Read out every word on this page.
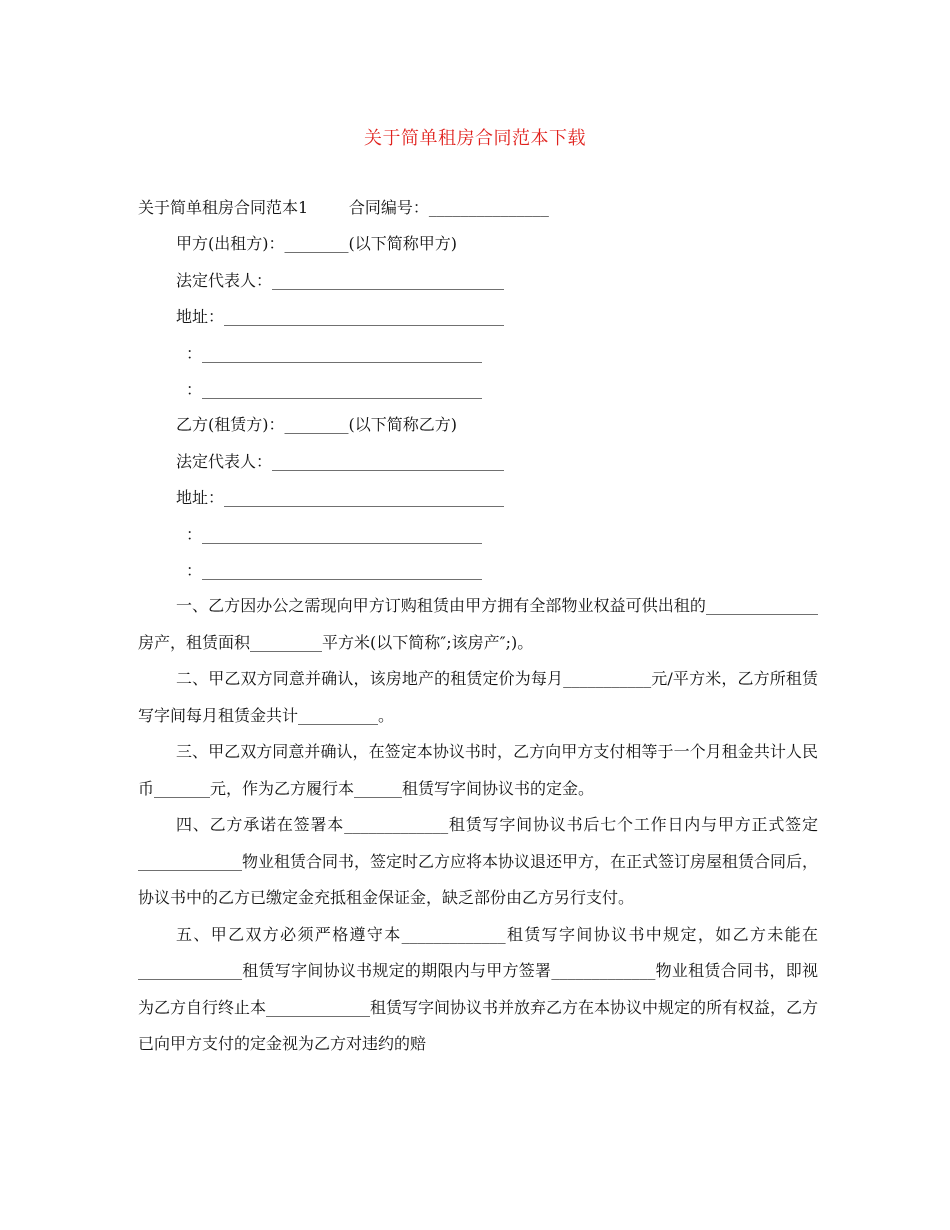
关于简单租房合同范本下载
关于简单租房合同范本1        合同编号：_______________
甲方(出租方)：________(以下简称甲方)
法定代表人：_____________________________
地址：___________________________________
：___________________________________
：___________________________________
乙方(租赁方)：________(以下简称乙方)
法定代表人：_____________________________
地址：___________________________________
：___________________________________
：___________________________________

一、乙方因办公之需现向甲方订购租赁由甲方拥有全部物业权益可供出租的______________房产，租赁面积_________平方米(以下简称″;该房产″;)。

二、甲乙双方同意并确认，该房地产的租赁定价为每月___________元/平方米，乙方所租赁写字间每月租赁金共计__________。

三、甲乙双方同意并确认，在签定本协议书时，乙方向甲方支付相等于一个月租金共计人民币_______元，作为乙方履行本______租赁写字间协议书的定金。

四、乙方承诺在签署本_____________租赁写字间协议书后七个工作日内与甲方正式签定_____________物业租赁合同书，签定时乙方应将本协议退还甲方，在正式签订房屋租赁合同后，协议书中的乙方已缴定金充抵租金保证金，缺乏部份由乙方另行支付。

五、甲乙双方必须严格遵守本_____________租赁写字间协议书中规定，如乙方未能在_____________租赁写字间协议书规定的期限内与甲方签署_____________物业租赁合同书，即视为乙方自行终止本_____________租赁写字间协议书并放弃乙方在本协议中规定的所有权益，乙方已向甲方支付的定金视为乙方对违约的赔
